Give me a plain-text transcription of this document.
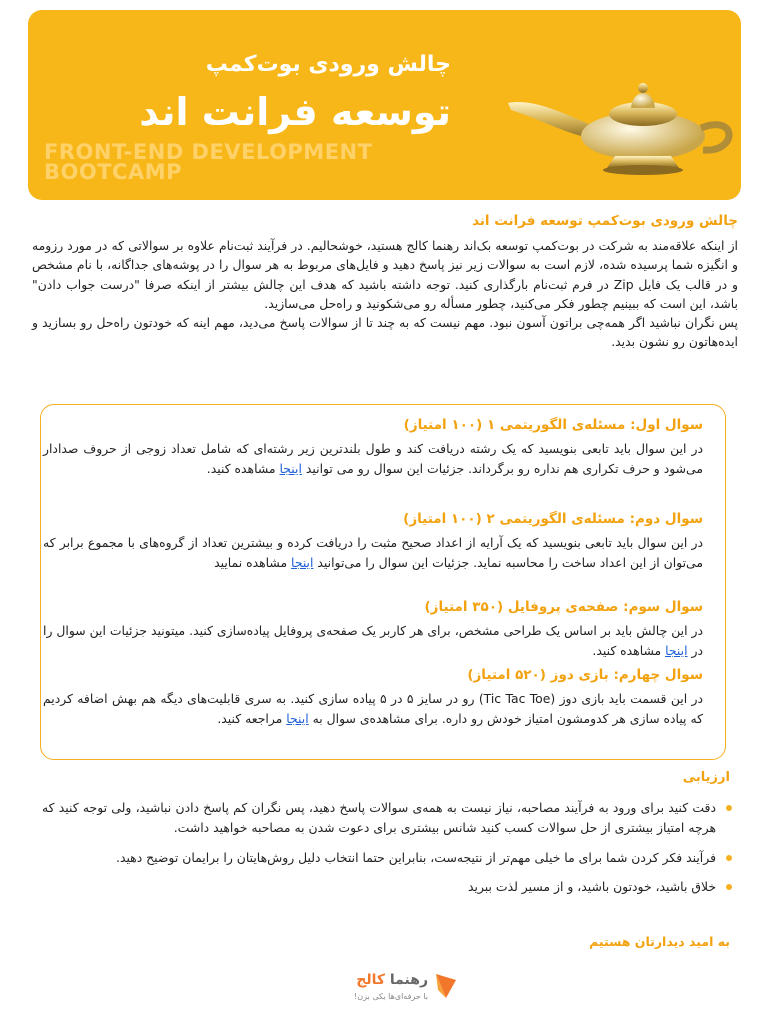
چالش ورودی بوت‌کمپ
توسعه فرانت اند
FRONT-END DEVELOPMENT
BOOTCAMP
چالش ورودی بوت‌کمپ توسعه فرانت اند

از اینکه علاقه‌مند به شرکت در بوت‌کمپ توسعه بک‌اند رهنما کالج هستید، خوشحالیم. در فرآیند ثبت‌نام علاوه بر سوالاتی که در مورد رزومه و انگیزه شما پرسیده شده، لازم است به سوالات زیر نیز پاسخ دهید و فایل‌های مربوط به هر سوال را در پوشه‌های جداگانه، با نام مشخص و در قالب یک فایل Zip در فرم ثبت‌نام بارگذاری کنید. توجه داشته باشید که هدف این چالش بیشتر از اینکه صرفا "درست جواب دادن" باشد، این است که ببینیم چطور فکر می‌کنید، چطور مسأله رو می‌شکونید و راه‌حل می‌سازید.

پس نگران نباشید اگر همه‌چی براتون آسون نبود. مهم نیست که به چند تا از سوالات پاسخ می‌دید، مهم اینه که خودتون راه‌حل رو بسازید و ایده‌هاتون رو نشون بدید.

سوال اول: مسئله‌ی الگوریتمی ۱ (۱۰۰ امتیاز)

در این سوال باید تابعی بنویسید که یک رشته دریافت کند و طول بلندترین زیر رشته‌ای که شامل تعداد زوجی از حروف صدادار می‌شود و حرف تکراری هم نداره رو برگرداند. جزئیات این سوال رو می توانید اینجا مشاهده کنید.

سوال دوم: مسئله‌ی الگوریتمی ۲ (۱۰۰ امتیاز)

در این سوال باید تابعی بنویسید که یک آرایه از اعداد صحیح مثبت را دریافت کرده و بیشترین تعداد از گروه‌های با مجموع برابر که می‌توان از این اعداد ساخت را محاسبه نماید. جزئیات این سوال را می‌توانید اینجا مشاهده نمایید

سوال سوم: صفحه‌ی پروفایل (۳۵۰ امتیاز)

در این چالش باید بر اساس یک طراحی مشخص، برای هر کاربر یک صفحه‌ی پروفایل پیاده‌سازی کنید. میتونید جزئیات این سوال را در اینجا مشاهده کنید.

سوال چهارم: بازی دوز (۵۲۰ امتیاز)

در این قسمت باید بازی دوز (Tic Tac Toe) رو در سایز ۵ در ۵ پیاده سازی کنید. به سری قابلیت‌های دیگه هم بهش اضافه کردیم که پیاده سازی هر کدومشون امتیاز خودش رو داره. برای مشاهده‌ی سوال به اینجا مراجعه کنید.

ارزیابی
دقت کنید برای ورود به فرآیند مصاحبه، نیاز نیست به همه‌ی سوالات پاسخ دهید، پس نگران کم پاسخ دادن نباشید، ولی توجه کنید که هرچه امتیاز بیشتری از حل سوالات کسب کنید شانس بیشتری برای دعوت شدن به مصاحبه خواهید داشت.
فرآیند فکر کردن شما برای ما خیلی مهم‌تر از نتیجه‌ست، بنابراین حتما انتخاب دلیل روش‌هایتان را برایمان توضیح دهید.
خلاق باشید، خودتون باشید، و از مسیر لذت ببرید
به امید دیدارتان هستیم
رهنما کالج
با حرفه‌ای‌ها یکی بزن!
